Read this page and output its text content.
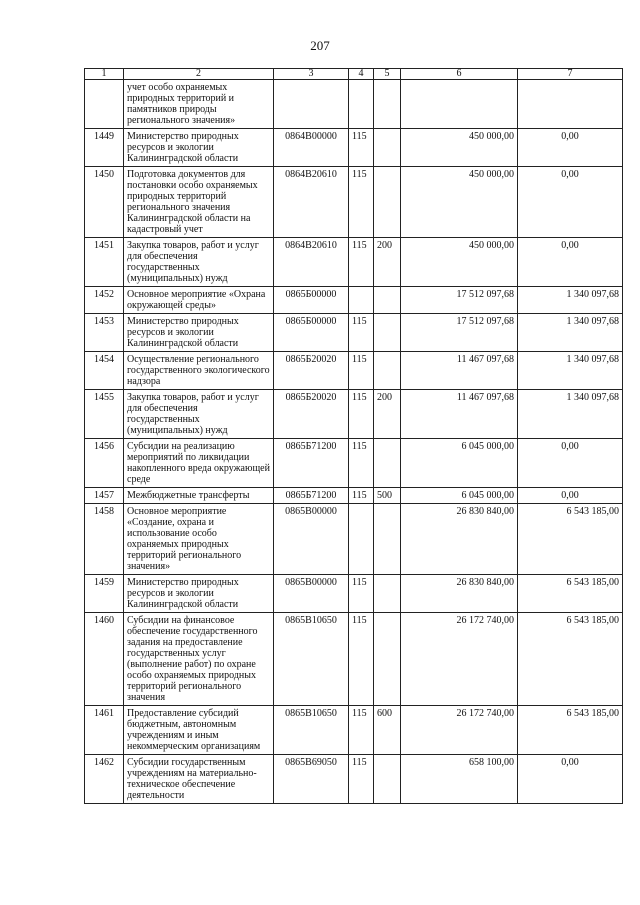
207
1	2	3	4	5	6	7
	учет особо охраняемых природных территорий и памятников природы регионального значения»					
1449	Министерство природных ресурсов и экологии Калининградской области	0864В00000	115		450 000,00	0,00
1450	Подготовка документов для постановки особо охраняемых природных территорий регионального значения Калининградской области на кадастровый учет	0864В20610	115		450 000,00	0,00
1451	Закупка товаров, работ и услуг для обеспечения государственных (муниципальных) нужд	0864В20610	115	200	450 000,00	0,00
1452	Основное мероприятие «Охрана окружающей среды»	0865Б00000			17 512 097,68	1 340 097,68
1453	Министерство природных ресурсов и экологии Калининградской области	0865Б00000	115		17 512 097,68	1 340 097,68
1454	Осуществление регионального государственного экологического надзора	0865Б20020	115		11 467 097,68	1 340 097,68
1455	Закупка товаров, работ и услуг для обеспечения государственных (муниципальных) нужд	0865Б20020	115	200	11 467 097,68	1 340 097,68
1456	Субсидии на реализацию мероприятий по ликвидации накопленного вреда окружающей среде	0865Б71200	115		6 045 000,00	0,00
1457	Межбюджетные трансферты	0865Б71200	115	500	6 045 000,00	0,00
1458	Основное мероприятие «Создание, охрана и использование особо охраняемых природных территорий регионального значения»	0865В00000			26 830 840,00	6 543 185,00
1459	Министерство природных ресурсов и экологии Калининградской области	0865В00000	115		26 830 840,00	6 543 185,00
1460	Субсидии на финансовое обеспечение государственного задания на предоставление государственных услуг (выполнение работ) по охране особо охраняемых природных территорий регионального значения	0865В10650	115		26 172 740,00	6 543 185,00
1461	Предоставление субсидий бюджетным, автономным учреждениям и иным некоммерческим организациям	0865В10650	115	600	26 172 740,00	6 543 185,00
1462	Субсидии государственным учреждениям на материально-техническое обеспечение деятельности	0865В69050	115		658 100,00	0,00
